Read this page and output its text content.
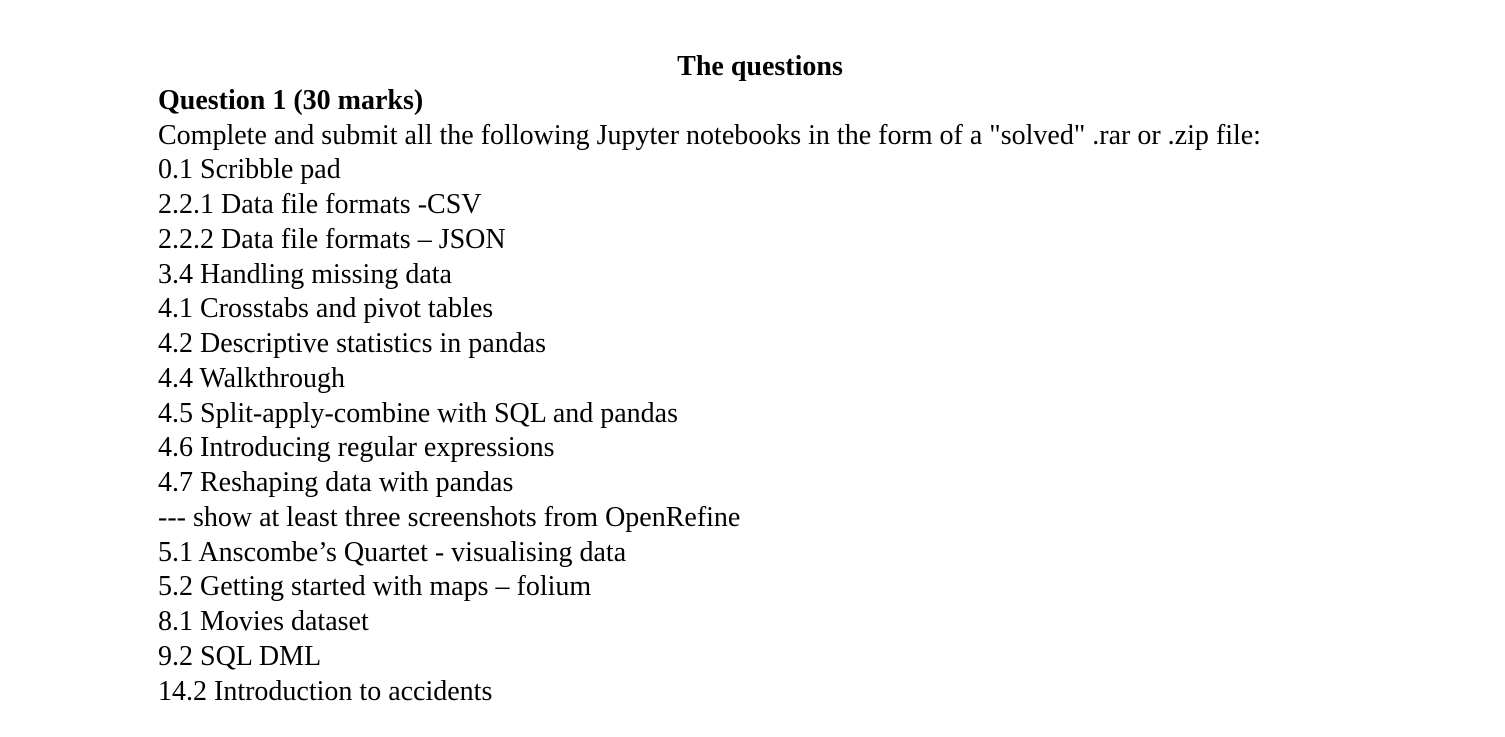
The questions
Question 1 (30 marks)
Complete and submit all the following Jupyter notebooks in the form of a "solved" .rar or .zip file:
0.1 Scribble pad
2.2.1 Data file formats -CSV
2.2.2 Data file formats – JSON
3.4 Handling missing data
4.1 Crosstabs and pivot tables
4.2 Descriptive statistics in pandas
4.4 Walkthrough
4.5 Split-apply-combine with SQL and pandas
4.6 Introducing regular expressions
4.7 Reshaping data with pandas
--- show at least three screenshots from OpenRefine
5.1 Anscombe’s Quartet - visualising data
5.2 Getting started with maps – folium
8.1 Movies dataset
9.2 SQL DML
14.2 Introduction to accidents
